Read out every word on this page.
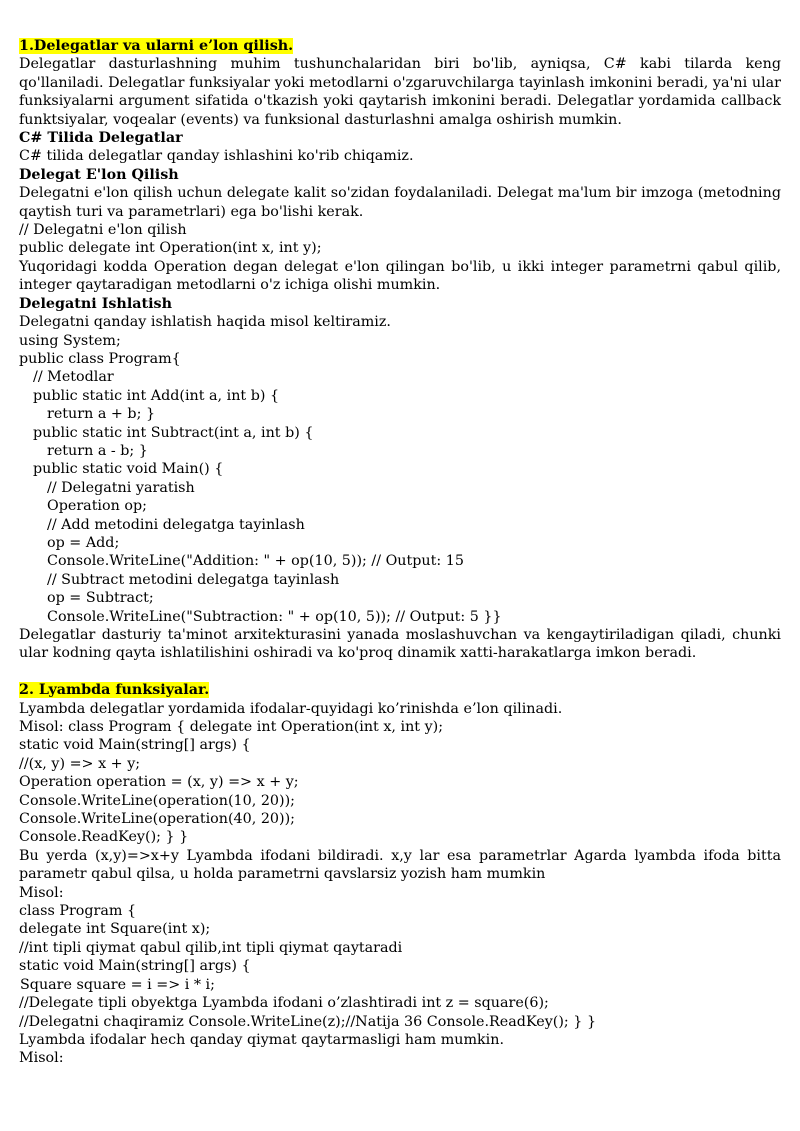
1.Delegatlar va ularni e’lon qilish.
Delegatlar dasturlashning muhim tushunchalaridan biri bo'lib, ayniqsa, C# kabi tilarda keng qo'llaniladi. Delegatlar funksiyalar yoki metodlarni o'zgaruvchilarga tayinlash imkonini beradi, ya'ni ular funksiyalarni argument sifatida o'tkazish yoki qaytarish imkonini beradi. Delegatlar yordamida callback funktsiyalar, voqealar (events) va funksional dasturlashni amalga oshirish mumkin.
C# Tilida Delegatlar
C# tilida delegatlar qanday ishlashini ko'rib chiqamiz.
Delegat E'lon Qilish
Delegatni e'lon qilish uchun delegate kalit so'zidan foydalaniladi. Delegat ma'lum bir imzoga (metodning qaytish turi va parametrlari) ega bo'lishi kerak.
// Delegatni e'lon qilish
public delegate int Operation(int x, int y);
Yuqoridagi kodda Operation degan delegat e'lon qilingan bo'lib, u ikki integer parametrni qabul qilib, integer qaytaradigan metodlarni o'z ichiga olishi mumkin.
Delegatni Ishlatish
Delegatni qanday ishlatish haqida misol keltiramiz.
using System;
public class Program{
// Metodlar
public static int Add(int a, int b) {
return a + b; }
public static int Subtract(int a, int b) {
return a - b; }
public static void Main() {
// Delegatni yaratish
Operation op;
// Add metodini delegatga tayinlash
op = Add;
Console.WriteLine("Addition: " + op(10, 5)); // Output: 15
// Subtract metodini delegatga tayinlash
op = Subtract;
Console.WriteLine("Subtraction: " + op(10, 5)); // Output: 5 }}
Delegatlar dasturiy ta'minot arxitekturasini yanada moslashuvchan va kengaytiriladigan qiladi, chunki ular kodning qayta ishlatilishini oshiradi va ko'proq dinamik xatti-harakatlarga imkon beradi.
2. Lyambda funksiyalar.
Lyambda delegatlar yordamida ifodalar-quyidagi ko’rinishda e’lon qilinadi.
Misol: class Program { delegate int Operation(int x, int y);
static void Main(string[] args) {
//(x, y) => x + y;
Operation operation = (x, y) => x + y;
Console.WriteLine(operation(10, 20));
Console.WriteLine(operation(40, 20));
Console.ReadKey(); } }
Bu yerda (x,y)=>x+y Lyambda ifodani bildiradi. x,y lar esa parametrlar Agarda lyambda ifoda bitta parametr qabul qilsa, u holda parametrni qavslarsiz yozish ham mumkin
Misol:
class Program {
delegate int Square(int x);
//int tipli qiymat qabul qilib,int tipli qiymat qaytaradi
static void Main(string[] args) {
Square square = i => i * i;
//Delegate tipli obyektga Lyambda ifodani o’zlashtiradi int z = square(6);
//Delegatni chaqiramiz Console.WriteLine(z);//Natija 36 Console.ReadKey(); } }
Lyambda ifodalar hech qanday qiymat qaytarmasligi ham mumkin.
Misol:
